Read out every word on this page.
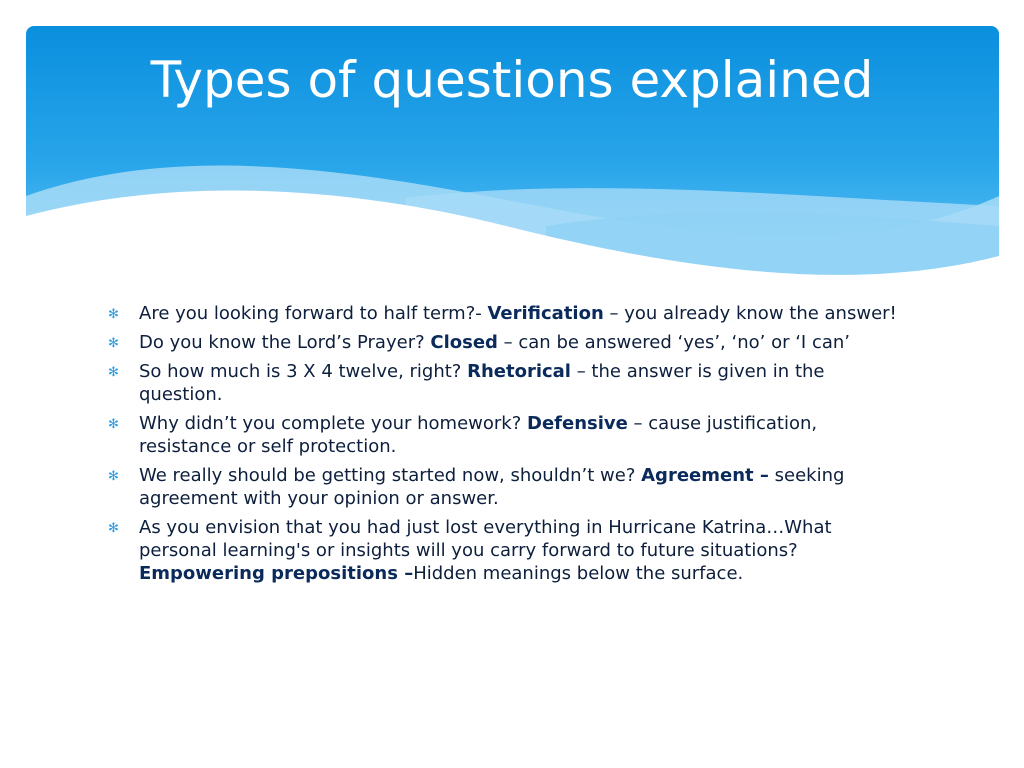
Types of questions explained
✻ Are you looking forward to half term?- Verification – you already know the answer!
✻ Do you know the Lord’s Prayer? Closed – can be answered ‘yes’, ‘no’ or ‘I can’
✻ So how much is 3 X 4 twelve, right? Rhetorical – the answer is given in the question.
✻ Why didn’t you complete your homework? Defensive – cause justification, resistance or self protection.
✻ We really should be getting started now, shouldn’t we? Agreement – seeking agreement with your opinion or answer.
✻ As you envision that you had just lost everything in Hurricane Katrina…What personal learning's or insights will you carry forward to future situations? Empowering prepositions –Hidden meanings below the surface.
